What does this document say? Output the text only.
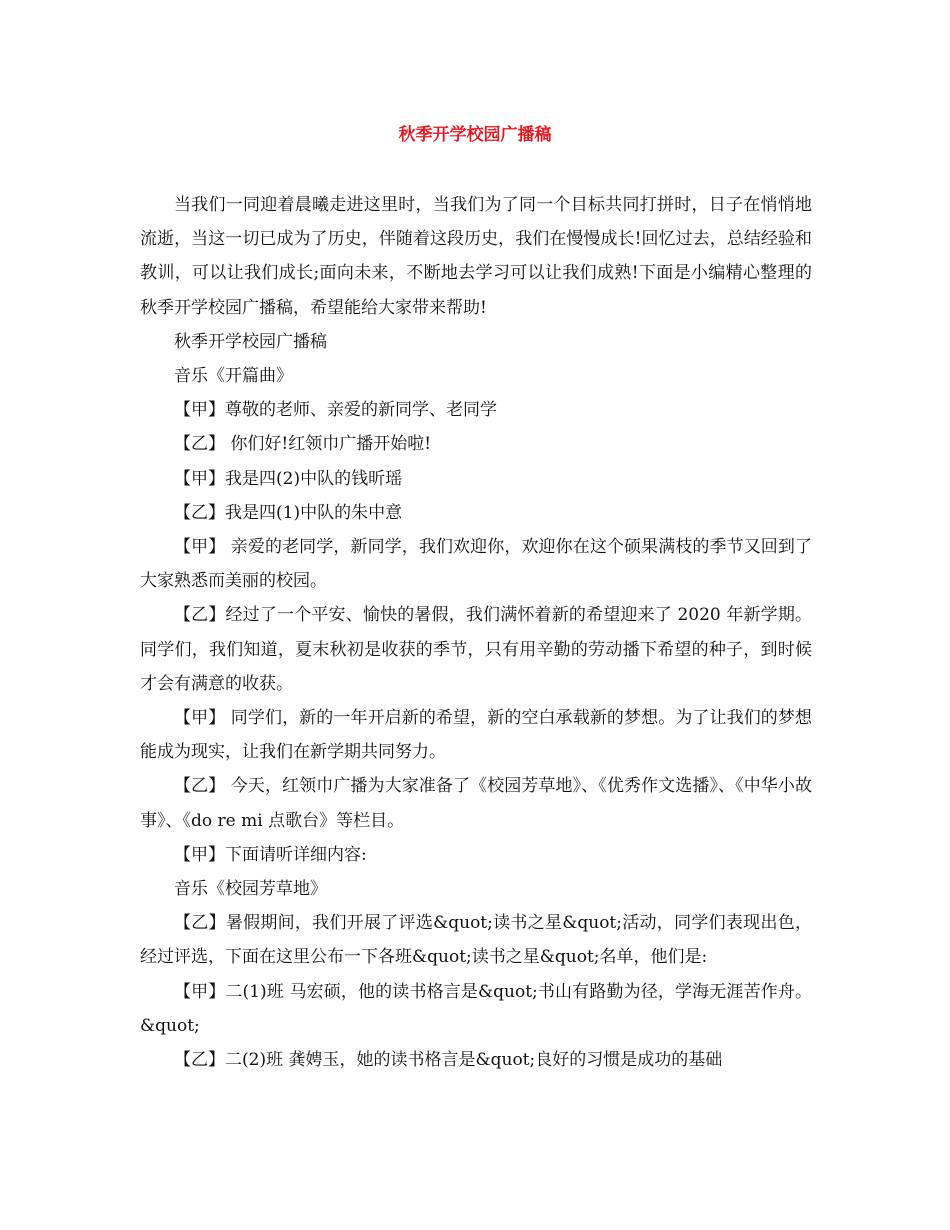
秋季开学校园广播稿

当我们一同迎着晨曦走进这里时，当我们为了同一个目标共同打拼时，日子在悄悄地流逝，当这一切已成为了历史，伴随着这段历史，我们在慢慢成长!回忆过去，总结经验和教训，可以让我们成长;面向未来，不断地去学习可以让我们成熟!下面是小编精心整理的秋季开学校园广播稿，希望能给大家带来帮助!

秋季开学校园广播稿

音乐《开篇曲》

【甲】尊敬的老师、亲爱的新同学、老同学

【乙】 你们好!红领巾广播开始啦!

【甲】我是四(2)中队的钱昕瑶

【乙】我是四(1)中队的朱中意

【甲】 亲爱的老同学，新同学，我们欢迎你，欢迎你在这个硕果满枝的季节又回到了大家熟悉而美丽的校园。

【乙】经过了一个平安、愉快的暑假，我们满怀着新的希望迎来了 2020 年新学期。同学们，我们知道，夏末秋初是收获的季节，只有用辛勤的劳动播下希望的种子，到时候才会有满意的收获。

【甲】 同学们，新的一年开启新的希望，新的空白承载新的梦想。为了让我们的梦想能成为现实，让我们在新学期共同努力。

【乙】 今天，红领巾广播为大家准备了《校园芳草地》、《优秀作文选播》、《中华小故事》、《do re mi 点歌台》等栏目。

【甲】下面请听详细内容:

音乐《校园芳草地》

【乙】暑假期间，我们开展了评选&quot;读书之星&quot;活动，同学们表现出色，经过评选，下面在这里公布一下各班&quot;读书之星&quot;名单，他们是:

【甲】二(1)班 马宏硕，他的读书格言是&quot;书山有路勤为径，学海无涯苦作舟。&quot;

【乙】二(2)班 龚娉玉，她的读书格言是&quot;良好的习惯是成功的基础
